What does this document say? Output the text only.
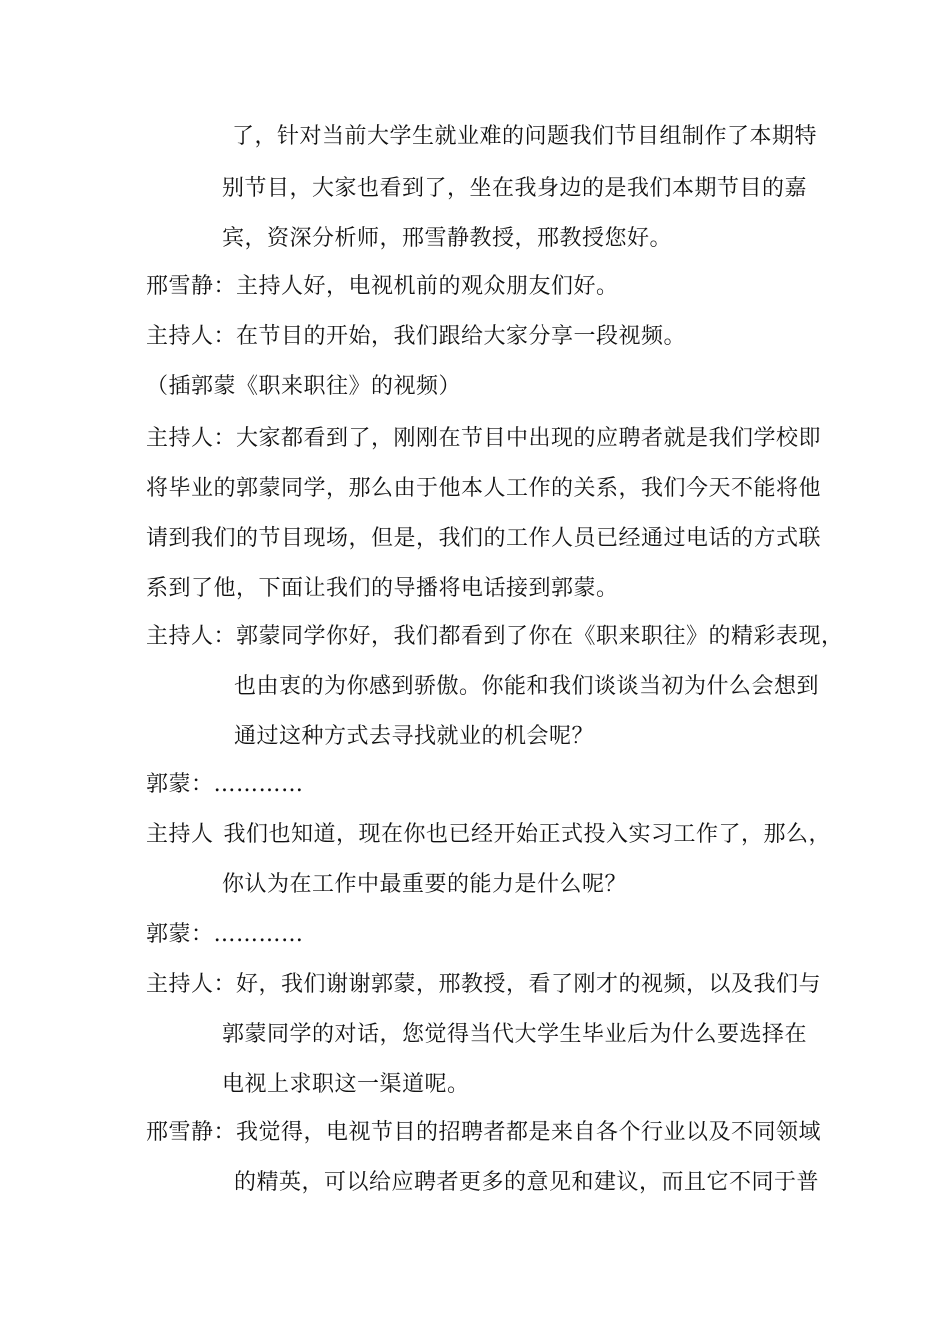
了，针对当前大学生就业难的问题我们节目组制作了本期特
别节目，大家也看到了，坐在我身边的是我们本期节目的嘉
宾，资深分析师，邢雪静教授，邢教授您好。
邢雪静：主持人好，电视机前的观众朋友们好。
主持人：在节目的开始，我们跟给大家分享一段视频。
（插郭蒙《职来职往》的视频）
主持人：大家都看到了，刚刚在节目中出现的应聘者就是我们学校即
将毕业的郭蒙同学，那么由于他本人工作的关系，我们今天不能将他
请到我们的节目现场，但是，我们的工作人员已经通过电话的方式联
系到了他，下面让我们的导播将电话接到郭蒙。
主持人：郭蒙同学你好，我们都看到了你在《职来职往》的精彩表现，
也由衷的为你感到骄傲。你能和我们谈谈当初为什么会想到
通过这种方式去寻找就业的机会呢？
郭蒙：…………
主持人 我们也知道，现在你也已经开始正式投入实习工作了，那么，
你认为在工作中最重要的能力是什么呢？
郭蒙：…………
主持人：好，我们谢谢郭蒙，邢教授，看了刚才的视频，以及我们与
郭蒙同学的对话，您觉得当代大学生毕业后为什么要选择在
电视上求职这一渠道呢。
邢雪静：我觉得，电视节目的招聘者都是来自各个行业以及不同领域
的精英，可以给应聘者更多的意见和建议，而且它不同于普
